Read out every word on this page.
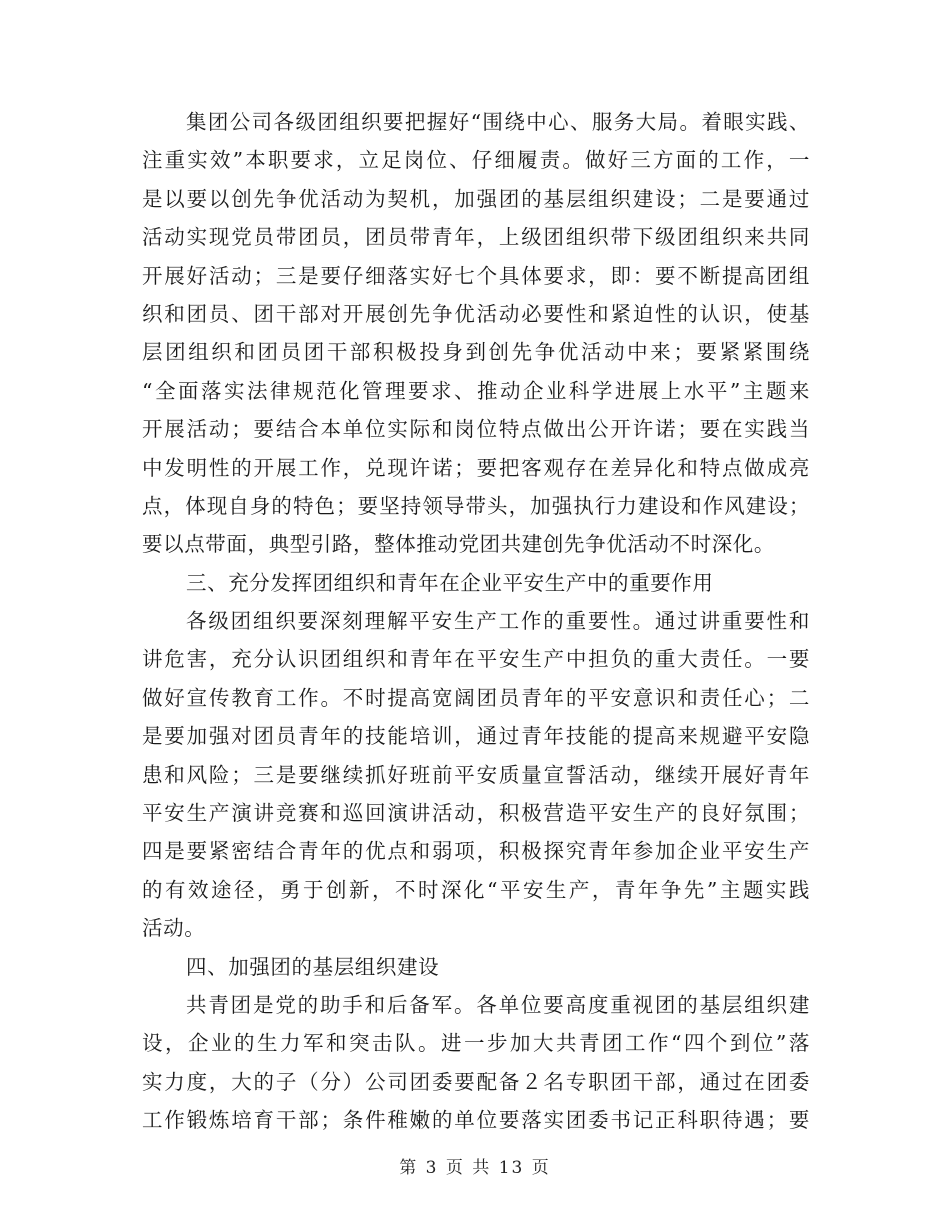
集团公司各级团组织要把握好“围绕中心、服务大局。着眼实践、
注重实效”本职要求，立足岗位、仔细履责。做好三方面的工作，一
是以要以创先争优活动为契机，加强团的基层组织建设；二是要通过
活动实现党员带团员，团员带青年，上级团组织带下级团组织来共同
开展好活动；三是要仔细落实好七个具体要求，即：要不断提高团组
织和团员、团干部对开展创先争优活动必要性和紧迫性的认识，使基
层团组织和团员团干部积极投身到创先争优活动中来；要紧紧围绕
“全面落实法律规范化管理要求、推动企业科学进展上水平”主题来
开展活动；要结合本单位实际和岗位特点做出公开许诺；要在实践当
中发明性的开展工作，兑现许诺；要把客观存在差异化和特点做成亮
点，体现自身的特色；要坚持领导带头，加强执行力建设和作风建设；
要以点带面，典型引路，整体推动党团共建创先争优活动不时深化。
三、充分发挥团组织和青年在企业平安生产中的重要作用
各级团组织要深刻理解平安生产工作的重要性。通过讲重要性和
讲危害，充分认识团组织和青年在平安生产中担负的重大责任。一要
做好宣传教育工作。不时提高宽阔团员青年的平安意识和责任心；二
是要加强对团员青年的技能培训，通过青年技能的提高来规避平安隐
患和风险；三是要继续抓好班前平安质量宣誓活动，继续开展好青年
平安生产演讲竞赛和巡回演讲活动，积极营造平安生产的良好氛围；
四是要紧密结合青年的优点和弱项，积极探究青年参加企业平安生产
的有效途径，勇于创新，不时深化“平安生产，青年争先”主题实践
活动。
四、加强团的基层组织建设
共青团是党的助手和后备军。各单位要高度重视团的基层组织建
设，企业的生力军和突击队。进一步加大共青团工作“四个到位”落
实力度，大的子（分）公司团委要配备２名专职团干部，通过在团委
工作锻炼培育干部；条件稚嫩的单位要落实团委书记正科职待遇；要
第 3 页 共 13 页
